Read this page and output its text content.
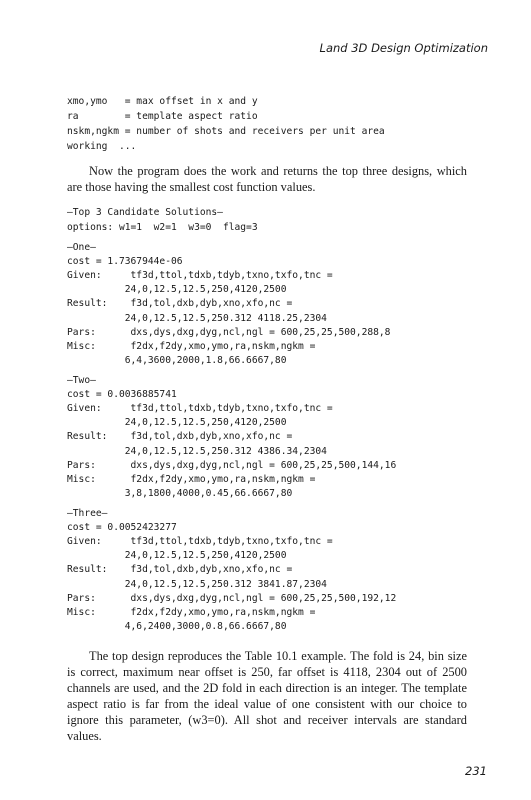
Land 3D Design Optimization
xmo,ymo   = max offset in x and y
ra        = template aspect ratio
nskm,ngkm = number of shots and receivers per unit area
working  ...

Now the program does the work and returns the top three designs, which are those having the smallest cost function values.

—Top 3 Candidate Solutions—
options: w1=1  w2=1  w3=0  flag=3
—One—
cost = 1.7367944e-06
Given:     tf3d,ttol,tdxb,tdyb,txno,txfo,tnc =
24,0,12.5,12.5,250,4120,2500
Result:    f3d,tol,dxb,dyb,xno,xfo,nc =
24,0,12.5,12.5,250.312 4118.25,2304
Pars:      dxs,dys,dxg,dyg,ncl,ngl = 600,25,25,500,288,8
Misc:      f2dx,f2dy,xmo,ymo,ra,nskm,ngkm =
6,4,3600,2000,1.8,66.6667,80
—Two—
cost = 0.0036885741
Given:     tf3d,ttol,tdxb,tdyb,txno,txfo,tnc =
24,0,12.5,12.5,250,4120,2500
Result:    f3d,tol,dxb,dyb,xno,xfo,nc =
24,0,12.5,12.5,250.312 4386.34,2304
Pars:      dxs,dys,dxg,dyg,ncl,ngl = 600,25,25,500,144,16
Misc:      f2dx,f2dy,xmo,ymo,ra,nskm,ngkm =
3,8,1800,4000,0.45,66.6667,80
—Three—
cost = 0.0052423277
Given:     tf3d,ttol,tdxb,tdyb,txno,txfo,tnc =
24,0,12.5,12.5,250,4120,2500
Result:    f3d,tol,dxb,dyb,xno,xfo,nc =
24,0,12.5,12.5,250.312 3841.87,2304
Pars:      dxs,dys,dxg,dyg,ncl,ngl = 600,25,25,500,192,12
Misc:      f2dx,f2dy,xmo,ymo,ra,nskm,ngkm =
4,6,2400,3000,0.8,66.6667,80

The top design reproduces the Table 10.1 example. The fold is 24, bin size is correct, maximum near offset is 250, far offset is 4118, 2304 out of 2500 channels are used, and the 2D fold in each direction is an integer. The template aspect ratio is far from the ideal value of one consistent with our choice to ignore this parameter, (w3=0). All shot and receiver intervals are standard values.

231
